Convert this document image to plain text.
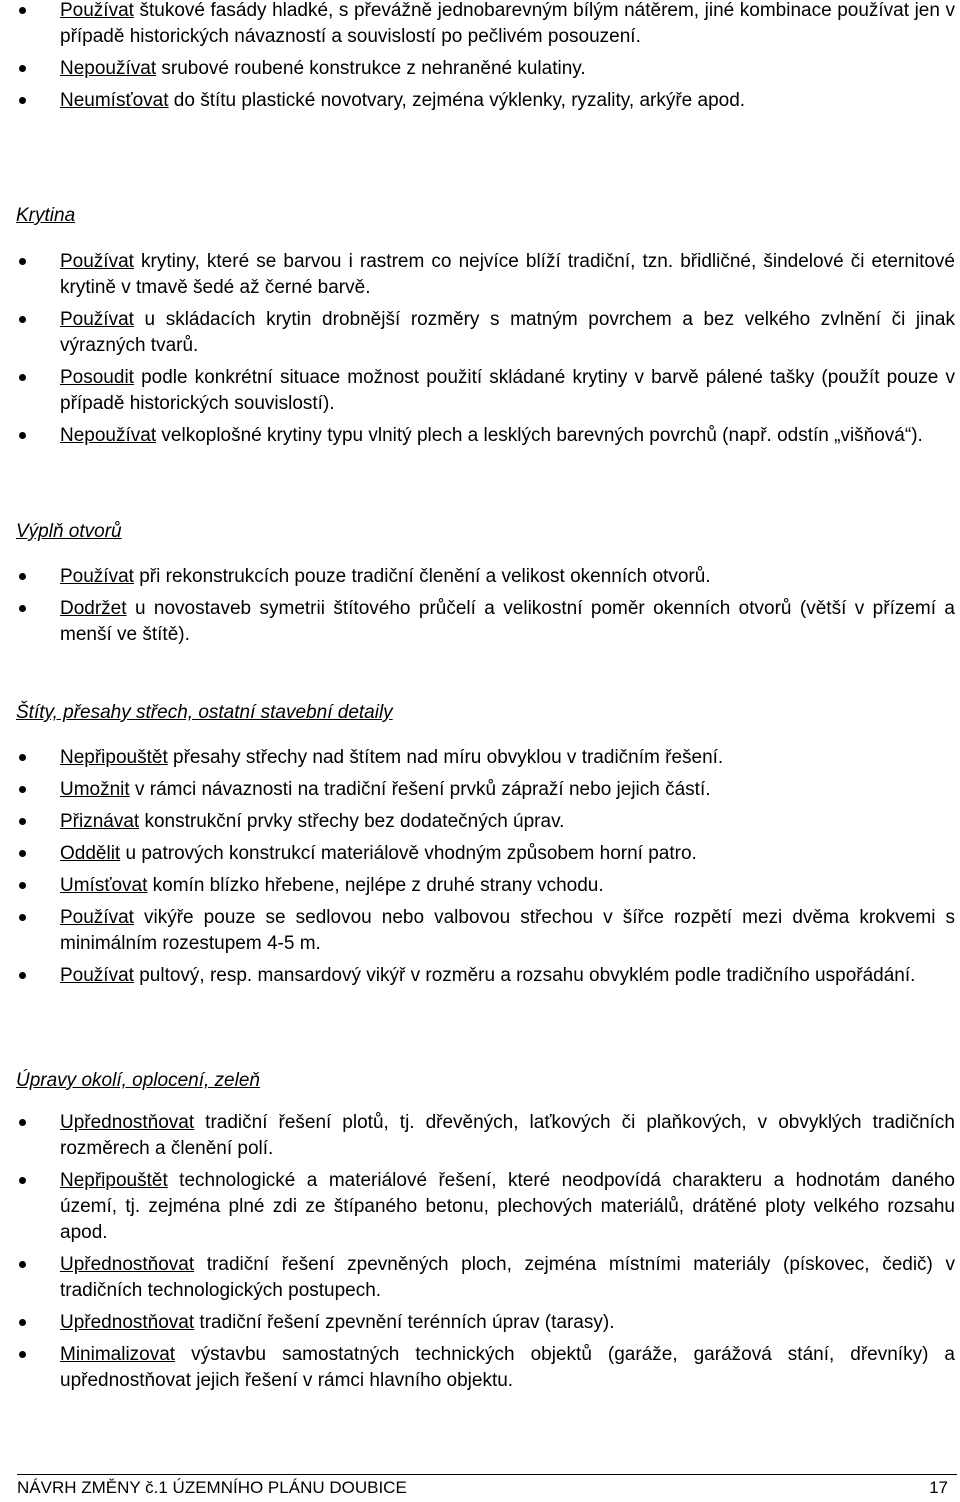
Používat štukové fasády hladké, s převážně jednobarevným bílým nátěrem, jiné kombinace používat jen v případě historických návazností a souvislostí po pečlivém posouzení.
Nepoužívat srubové roubené konstrukce z nehraněné kulatiny.
Neumísťovat do štítu plastické novotvary, zejména výklenky, ryzality, arkýře apod.
Krytina
Používat krytiny, které se barvou i rastrem co nejvíce blíží tradiční, tzn. břidličné, šindelové či eternitové krytině v tmavě šedé až černé barvě.
Používat u skládacích krytin drobnější rozměry s matným povrchem a bez velkého zvlnění či jinak výrazných tvarů.
Posoudit podle konkrétní situace možnost použití skládané krytiny v barvě pálené tašky (použít pouze v případě historických souvislostí).
Nepoužívat velkoplošné krytiny typu vlnitý plech a lesklých barevných povrchů (např. odstín „višňová“).
Výplň otvorů
Používat při rekonstrukcích pouze tradiční členění a velikost okenních otvorů.
Dodržet u novostaveb symetrii štítového průčelí a velikostní poměr okenních otvorů (větší v přízemí a menší ve štítě).
Štíty, přesahy střech, ostatní stavební detaily
Nepřipouštět přesahy střechy nad štítem nad míru obvyklou v tradičním řešení.
Umožnit v rámci návaznosti na tradiční řešení prvků zápraží nebo jejich částí.
Přiznávat konstrukční prvky střechy bez dodatečných úprav.
Oddělit u patrových konstrukcí materiálově vhodným způsobem horní patro.
Umísťovat komín blízko hřebene, nejlépe z druhé strany vchodu.
Používat vikýře pouze se sedlovou nebo valbovou střechou v šířce rozpětí mezi dvěma krokvemi s minimálním rozestupem 4-5 m.
Používat pultový, resp. mansardový vikýř v rozměru a rozsahu obvyklém podle tradičního uspořádání.
Úpravy okolí, oplocení, zeleň
Upřednostňovat tradiční řešení plotů, tj. dřevěných, laťkových či plaňkových, v obvyklých tradičních rozměrech a členění polí.
Nepřipouštět technologické a materiálové řešení, které neodpovídá charakteru a hodnotám daného území, tj. zejména plné zdi ze štípaného betonu, plechových materiálů, drátěné ploty velkého rozsahu apod.
Upřednostňovat tradiční řešení zpevněných ploch, zejména místními materiály (pískovec, čedič) v tradičních technologických postupech.
Upřednostňovat tradiční řešení zpevnění terénních úprav (tarasy).
Minimalizovat výstavbu samostatných technických objektů (garáže, garážová stání, dřevníky) a upřednostňovat jejich řešení v rámci hlavního objektu.
NÁVRH ZMĚNY č.1 ÚZEMNÍHO PLÁNU DOUBICE	17
